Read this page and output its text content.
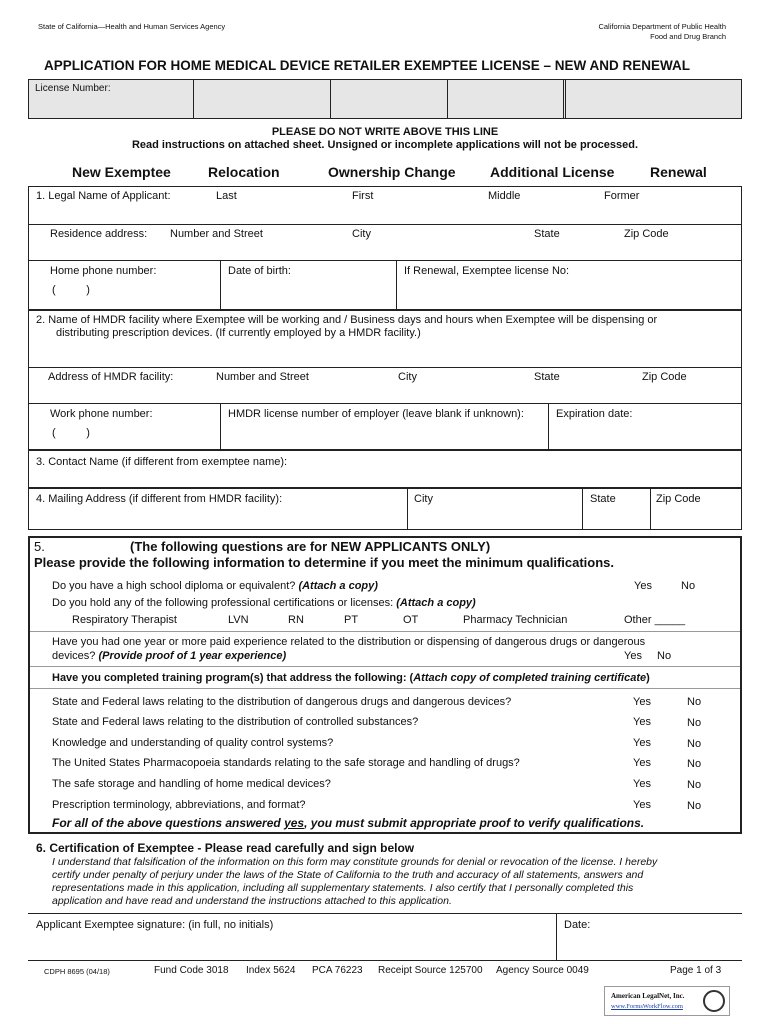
State of California—Health and Human Services Agency	California Department of Public Health
Food and Drug Branch
APPLICATION FOR HOME MEDICAL DEVICE RETAILER EXEMPTEE LICENSE – NEW AND RENEWAL
License Number:
PLEASE DO NOT WRITE ABOVE THIS LINE
Read instructions on attached sheet. Unsigned or incomplete applications will not be processed.
New Exemptee	Relocation	Ownership Change Additional License	Renewal
1. Legal Name of Applicant:	Last	First	Middle	Former
Residence address: Number and Street	City	State	Zip Code
Home phone number:
(          )
Date of birth:	If Renewal, Exemptee license No:
2. Name of HMDR facility where Exemptee will be working and / Business days and hours when Exemptee will be dispensing or
distributing prescription devices. (If currently employed by a HMDR facility.)
Address of HMDR facility:	Number and Street	City	State	Zip Code
Work phone number:
(          )
HMDR license number of employer (leave blank if unknown):	Expiration date:
3. Contact Name (if different from exemptee name):
4. Mailing Address (if different from HMDR facility):	City	State	Zip Code
5.	(The following questions are for NEW APPLICANTS ONLY)
Please provide the following information to determine if you meet the minimum qualifications.
Do you have a high school diploma or equivalent? (Attach a copy)	Yes	No
Do you hold any of the following professional certifications or licenses: (Attach a copy)
Respiratory Therapist	LVN	RN	PT	OT	Pharmacy Technician	Other _____
Have you had one year or more paid experience related to the distribution or dispensing of dangerous drugs or dangerous
devices? (Provide proof of 1 year experience)	Yes No
Have you completed training program(s) that address the following: (Attach copy of completed training certificate)
State and Federal laws relating to the distribution of dangerous drugs and dangerous devices?	Yes	No
State and Federal laws relating to the distribution of controlled substances?	Yes	No
Knowledge and understanding of quality control systems?	Yes	No
The United States Pharmacopoeia standards relating to the safe storage and handling of drugs?	Yes	No
The safe storage and handling of home medical devices?	Yes	No
Prescription terminology, abbreviations, and format?	Yes	No
For all of the above questions answered yes, you must submit appropriate proof to verify qualifications.
6. Certification of Exemptee - Please read carefully and sign below
I understand that falsification of the information on this form may constitute grounds for denial or revocation of the license. I hereby
certify under penalty of perjury under the laws of the State of California to the truth and accuracy of all statements, answers and
representations made in this application, including all supplementary statements. I also certify that I personally completed this
application and have read and understand the instructions attached to this application.
Applicant Exemptee signature: (in full, no initials)	Date:
CDPH 8695 (04/18)	Fund Code 3018 Index 5624 PCA 76223 Receipt Source 125700 Agency Source 0049	Page 1 of 3
American LegalNet, Inc.
www.FormsWorkFlow.com
